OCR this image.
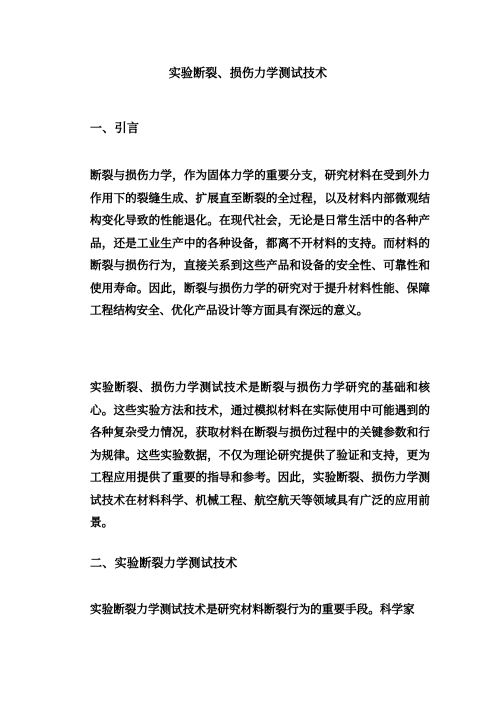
实验断裂、损伤力学测试技术
一、引言
断裂与损伤力学，作为固体力学的重要分支，研究材料在受到外力作用下的裂缝生成、扩展直至断裂的全过程，以及材料内部微观结构变化导致的性能退化。在现代社会，无论是日常生活中的各种产品，还是工业生产中的各种设备，都离不开材料的支持。而材料的断裂与损伤行为，直接关系到这些产品和设备的安全性、可靠性和使用寿命。因此，断裂与损伤力学的研究对于提升材料性能、保障工程结构安全、优化产品设计等方面具有深远的意义。
实验断裂、损伤力学测试技术是断裂与损伤力学研究的基础和核心。这些实验方法和技术，通过模拟材料在实际使用中可能遇到的各种复杂受力情况，获取材料在断裂与损伤过程中的关键参数和行为规律。这些实验数据，不仅为理论研究提供了验证和支持，更为工程应用提供了重要的指导和参考。因此，实验断裂、损伤力学测试技术在材料科学、机械工程、航空航天等领域具有广泛的应用前景。
二、实验断裂力学测试技术
实验断裂力学测试技术是研究材料断裂行为的重要手段。科学家
